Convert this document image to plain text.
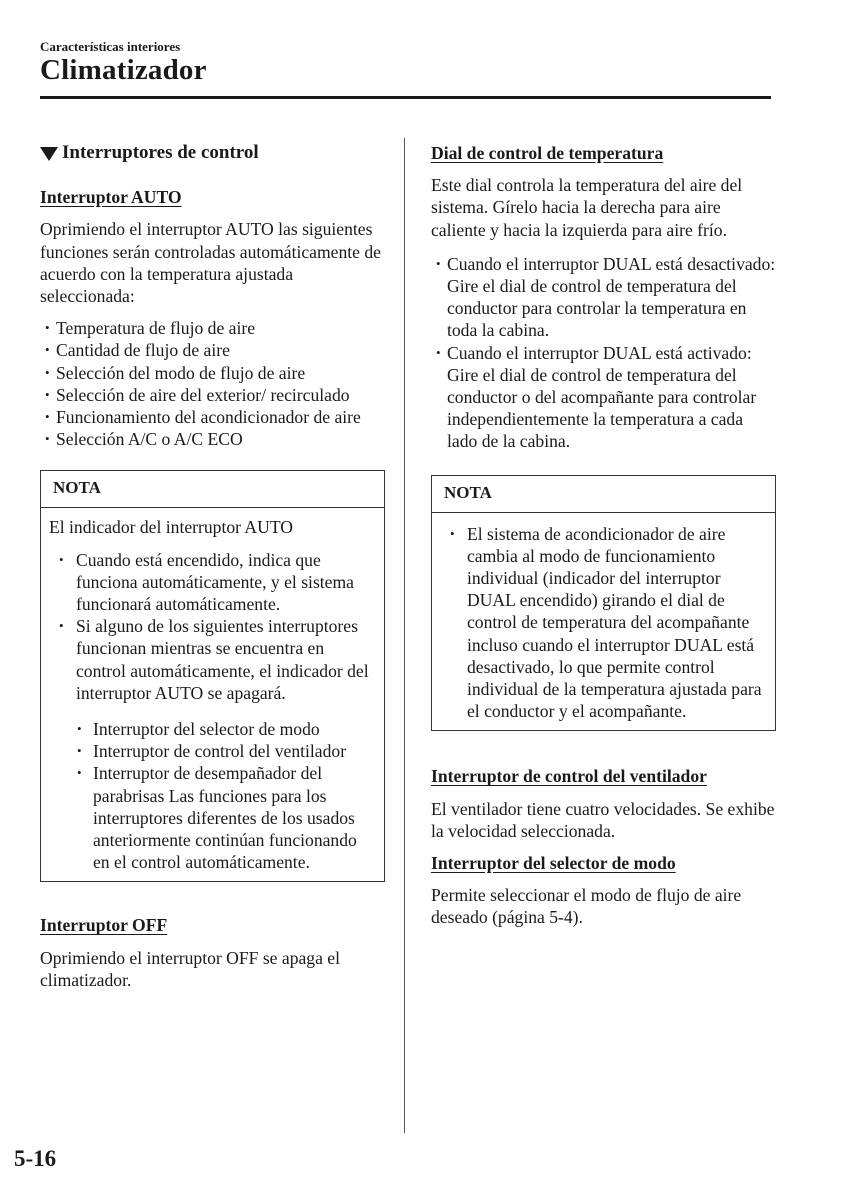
Características interiores
Climatizador
Interruptores de control
Interruptor AUTO

Oprimiendo el interruptor AUTO las siguientes funciones serán controladas automáticamente de acuerdo con la temperatura ajustada seleccionada:

• Temperatura de flujo de aire
• Cantidad de flujo de aire
• Selección del modo de flujo de aire
• Selección de aire del exterior/ recirculado
• Funcionamiento del acondicionador de aire
• Selección A/C o A/C ECO
NOTA

El indicador del interruptor AUTO

• Cuando está encendido, indica que funciona automáticamente, y el sistema funcionará automáticamente.
• Si alguno de los siguientes interruptores funcionan mientras se encuentra en control automáticamente, el indicador del interruptor AUTO se apagará.
• Interruptor del selector de modo
• Interruptor de control del ventilador
• Interruptor de desempañador del parabrisas Las funciones para los interruptores diferentes de los usados anteriormente continúan funcionando en el control automáticamente.
Interruptor OFF

Oprimiendo el interruptor OFF se apaga el climatizador.

Dial de control de temperatura

Este dial controla la temperatura del aire del sistema. Gírelo hacia la derecha para aire caliente y hacia la izquierda para aire frío.

• Cuando el interruptor DUAL está desactivado: Gire el dial de control de temperatura del conductor para controlar la temperatura en toda la cabina.
• Cuando el interruptor DUAL está activado: Gire el dial de control de temperatura del conductor o del acompañante para controlar independientemente la temperatura a cada lado de la cabina.
NOTA
• El sistema de acondicionador de aire cambia al modo de funcionamiento individual (indicador del interruptor DUAL encendido) girando el dial de control de temperatura del acompañante incluso cuando el interruptor DUAL está desactivado, lo que permite control individual de la temperatura ajustada para el conductor y el acompañante.
Interruptor de control del ventilador

El ventilador tiene cuatro velocidades. Se exhibe la velocidad seleccionada.

Interruptor del selector de modo

Permite seleccionar el modo de flujo de aire deseado (página 5-4).

5-16
